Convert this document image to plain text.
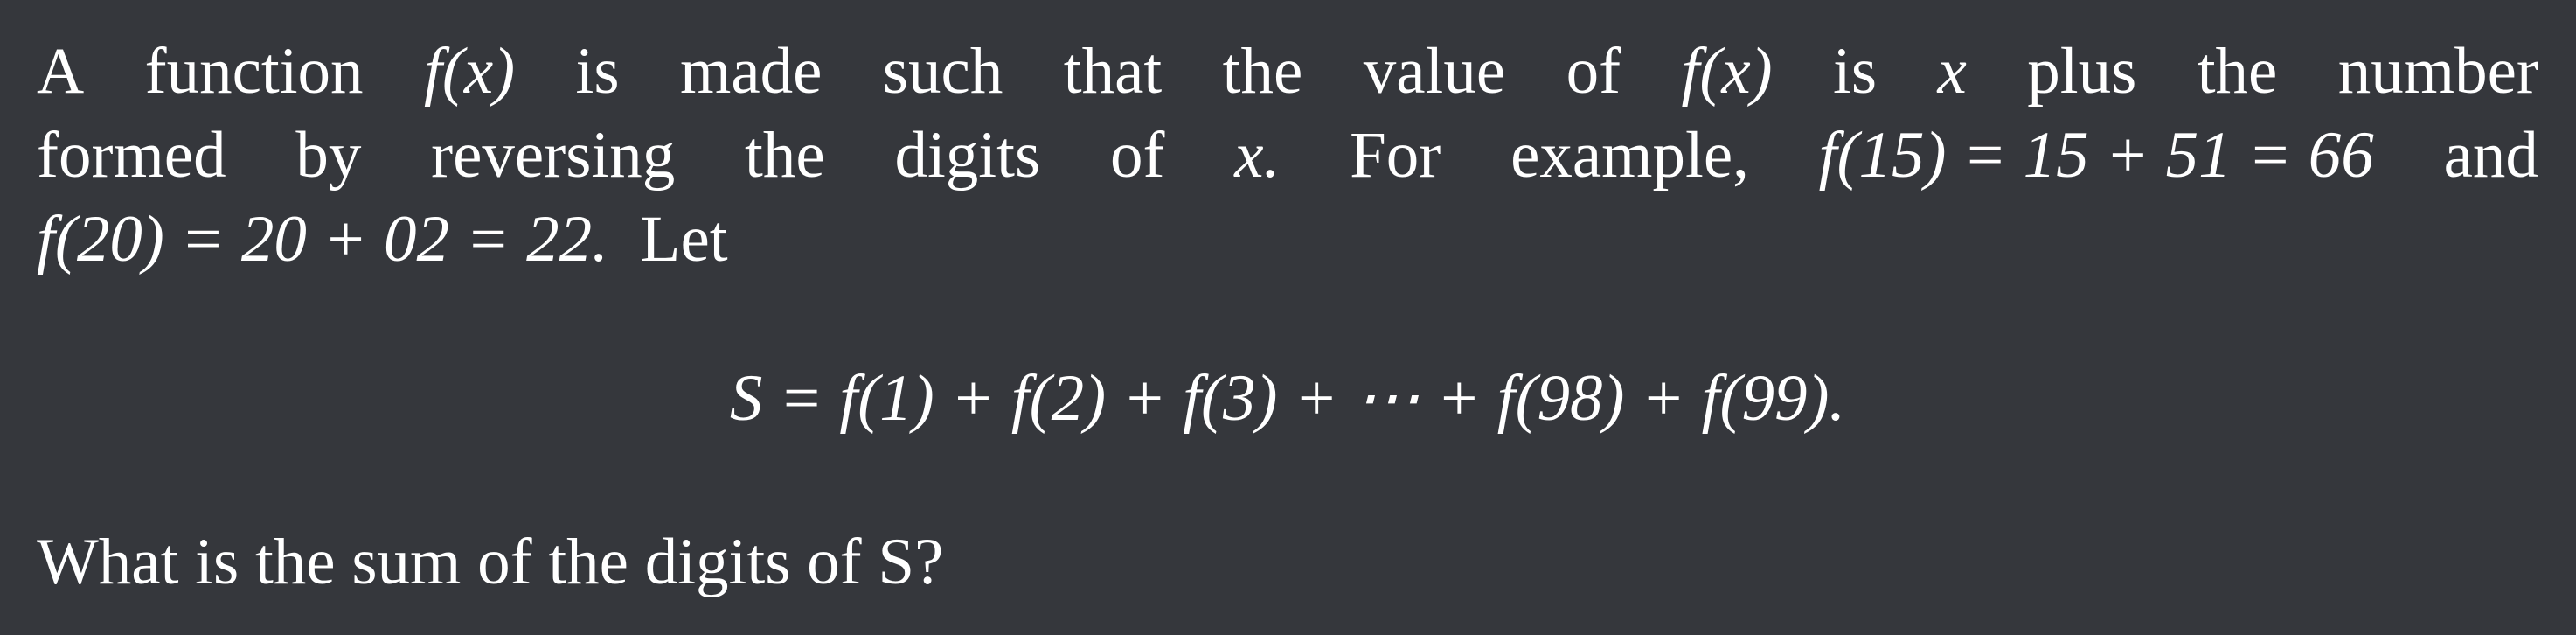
A function f(x) is made such that the value of f(x) is x plus the number
formed by reversing the digits of x. For example, f(15) = 15 + 51 = 66 and
f(20) = 20 + 02 = 22. Let
S = f(1) + f(2) + f(3) + ⋯ + f(98) + f(99).
What is the sum of the digits of S?
